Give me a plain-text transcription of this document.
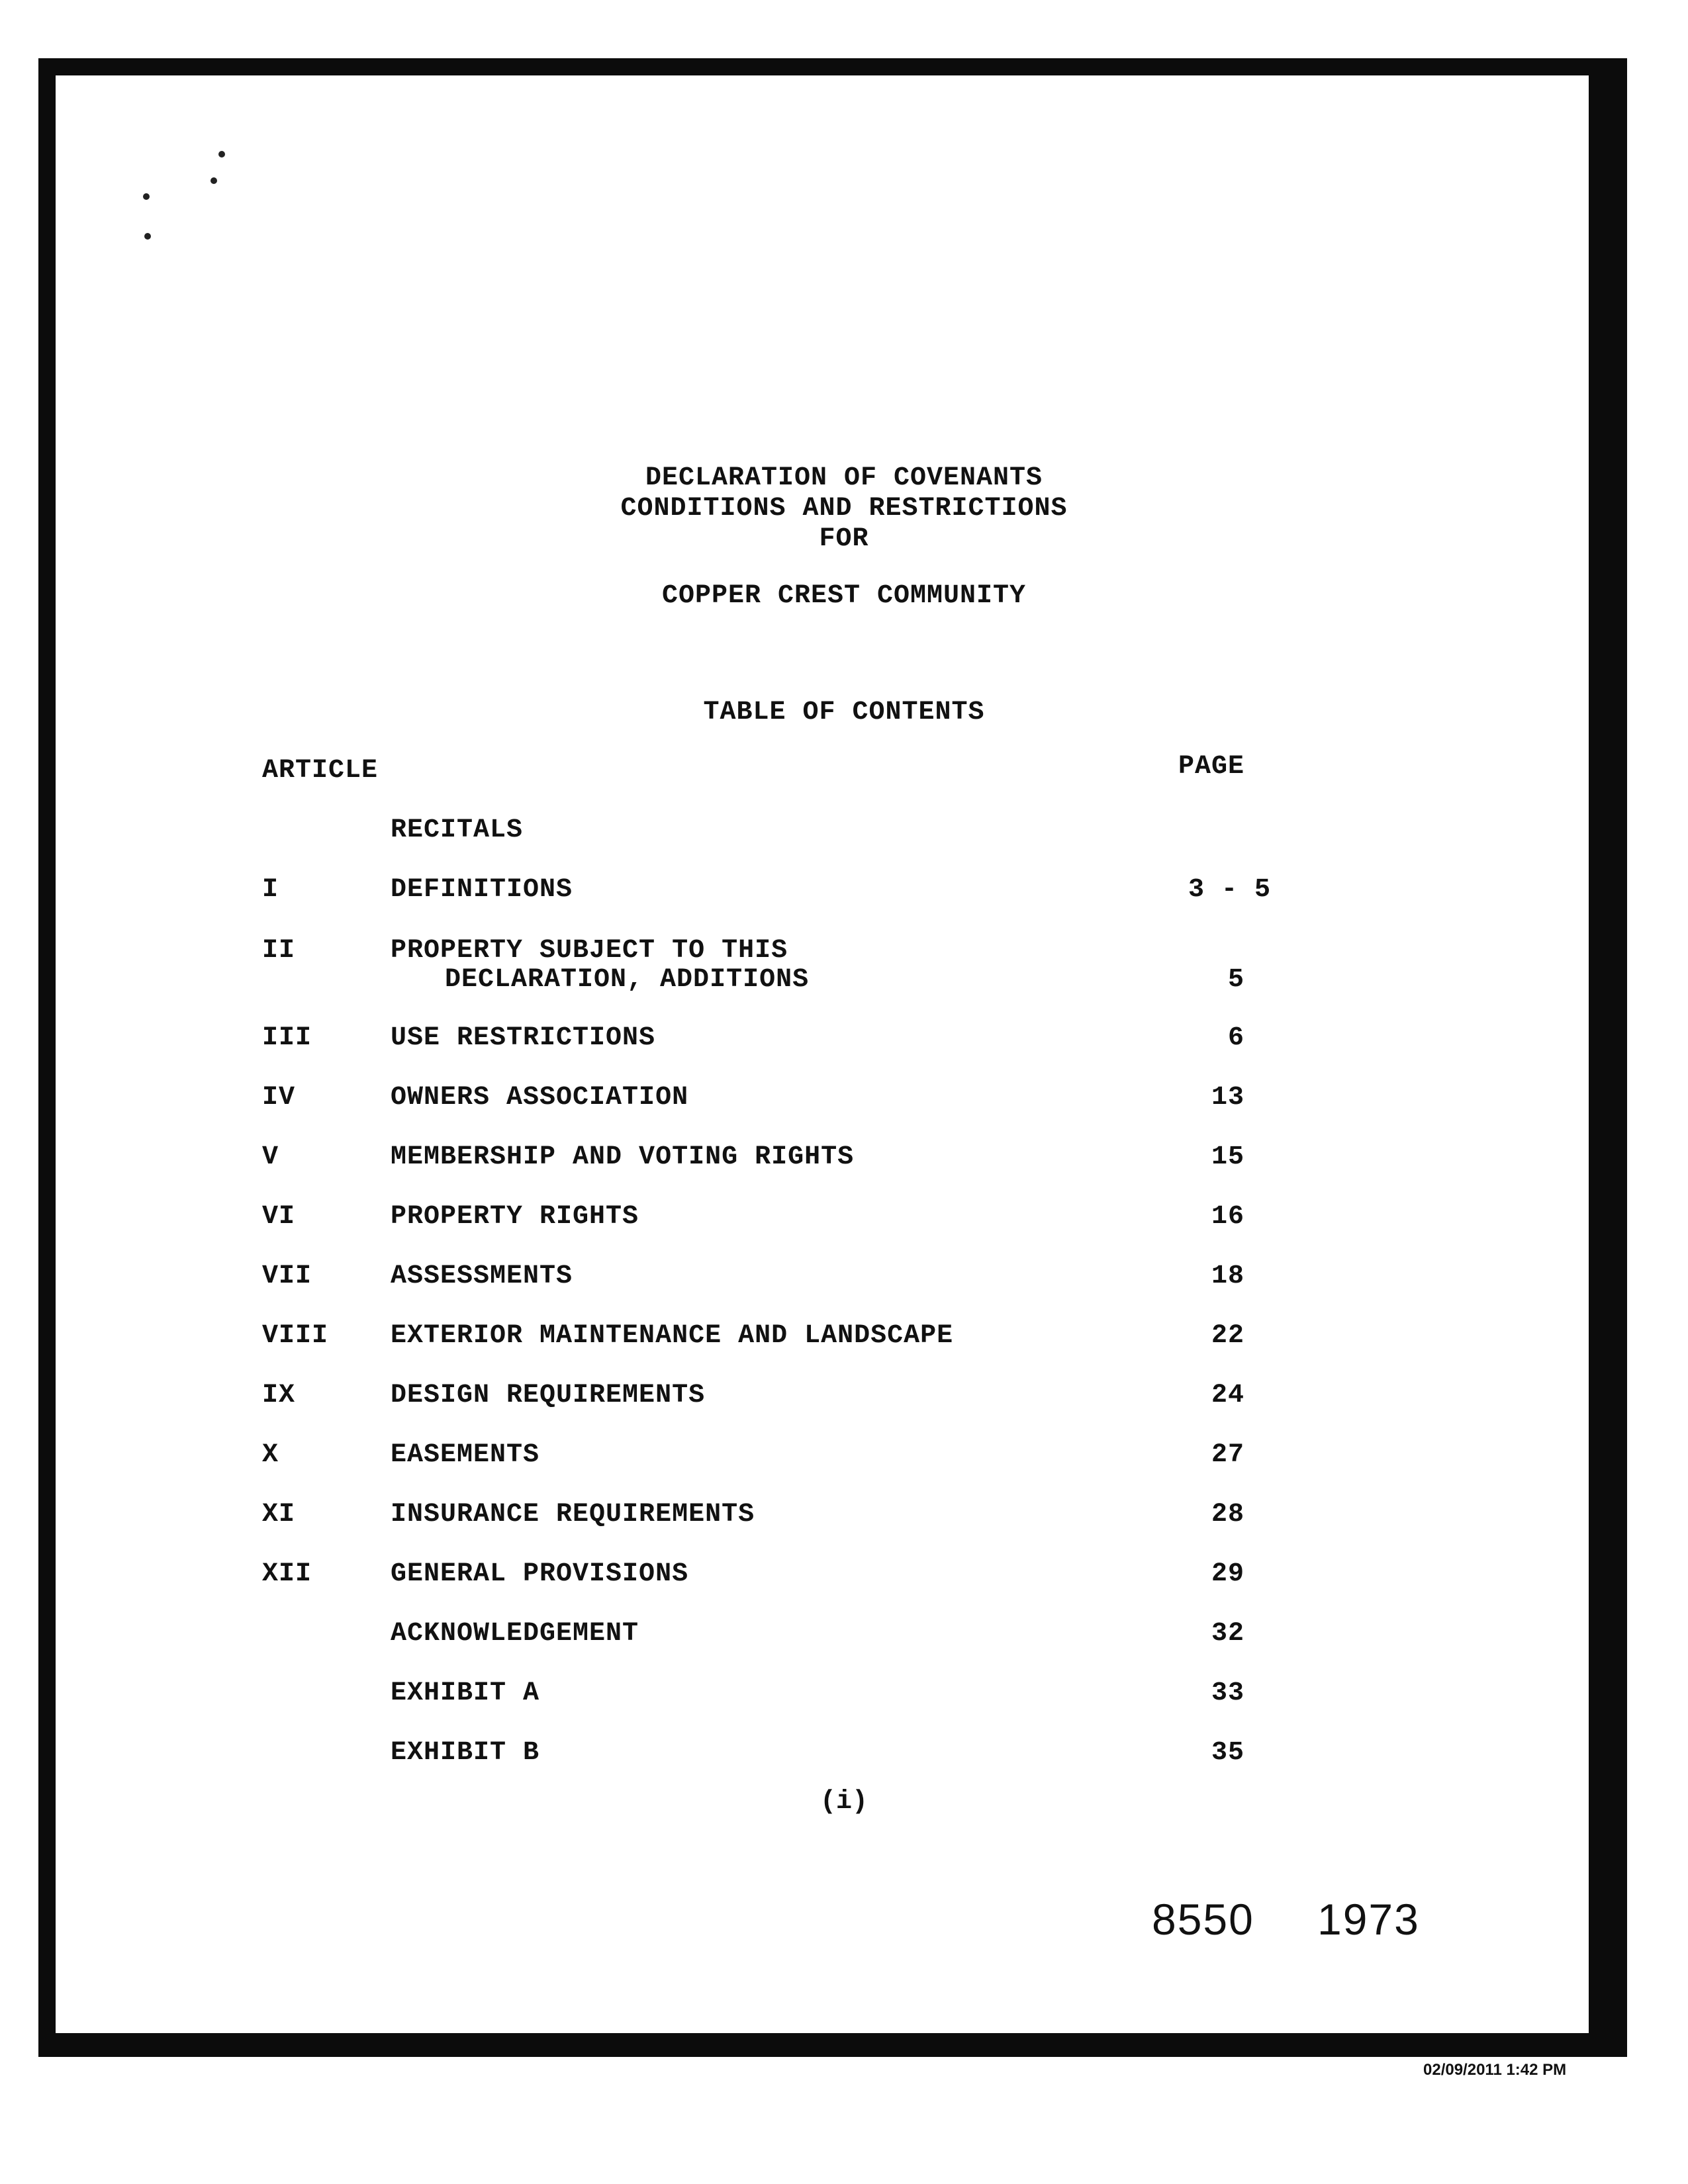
DECLARATION OF COVENANTS
CONDITIONS AND RESTRICTIONS
FOR
COPPER CREST COMMUNITY
TABLE OF CONTENTS
ARTICLE	PAGE
RECITALS
I	DEFINITIONS	3 - 5
II	PROPERTY SUBJECT TO THIS
DECLARATION, ADDITIONS	5
III	USE RESTRICTIONS	6
IV	OWNERS ASSOCIATION	13
V	MEMBERSHIP AND VOTING RIGHTS	15
VI	PROPERTY RIGHTS	16
VII	ASSESSMENTS	18
VIII EXTERIOR MAINTENANCE AND LANDSCAPE	22
IX	DESIGN REQUIREMENTS	24
X	EASEMENTS	27
XI	INSURANCE REQUIREMENTS	28
XII	GENERAL PROVISIONS	29
ACKNOWLEDGEMENT	32
EXHIBIT A	33
EXHIBIT B	35
(i)
8550 1973
02/09/2011 1:42 PM
